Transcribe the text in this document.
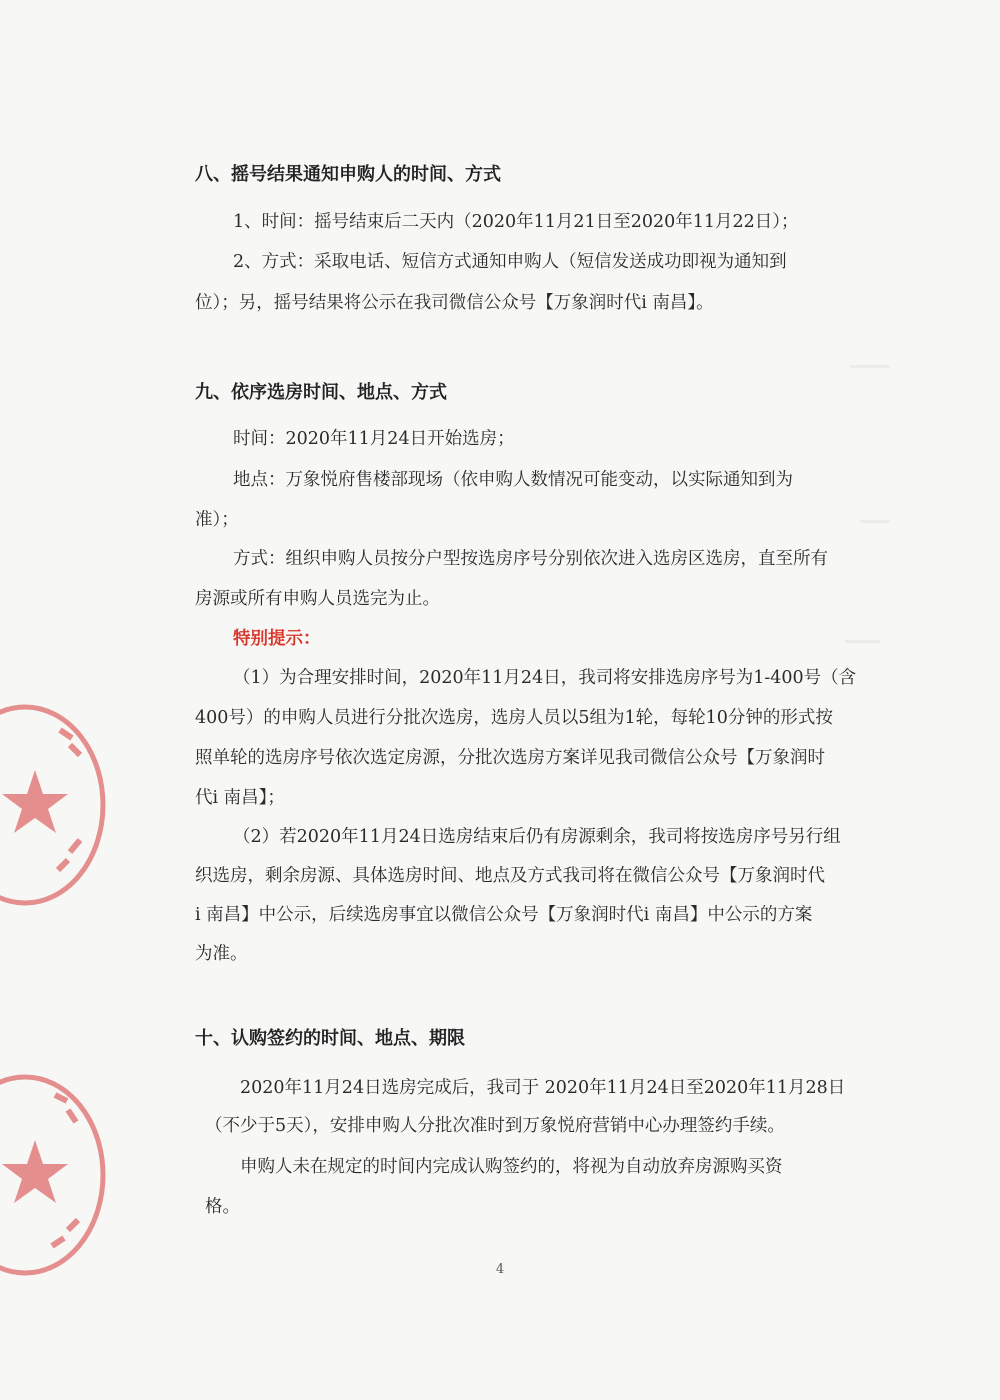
八、摇号结果通知申购人的时间、方式
1、时间：摇号结束后二天内（2020年11月21日至2020年11月22日）；
2、方式：采取电话、短信方式通知申购人（短信发送成功即视为通知到
位）；另，摇号结果将公示在我司微信公众号【万象润时代i 南昌】。
九、依序选房时间、地点、方式
时间：2020年11月24日开始选房；
地点：万象悦府售楼部现场（依申购人数情况可能变动，以实际通知到为
准）；
方式：组织申购人员按分户型按选房序号分别依次进入选房区选房，直至所有
房源或所有申购人员选完为止。
特别提示：
（1）为合理安排时间，2020年11月24日，我司将安排选房序号为1-400号（含
400号）的申购人员进行分批次选房，选房人员以5组为1轮，每轮10分钟的形式按
照单轮的选房序号依次选定房源，分批次选房方案详见我司微信公众号【万象润时
代i 南昌】；
（2）若2020年11月24日选房结束后仍有房源剩余，我司将按选房序号另行组
织选房，剩余房源、具体选房时间、地点及方式我司将在微信公众号【万象润时代
i 南昌】中公示，后续选房事宜以微信公众号【万象润时代i 南昌】中公示的方案
为准。
十、认购签约的时间、地点、期限
2020年11月24日选房完成后，我司于 2020年11月24日至2020年11月28日
（不少于5天），安排申购人分批次准时到万象悦府营销中心办理签约手续。
申购人未在规定的时间内完成认购签约的，将视为自动放弃房源购买资
格。
4
